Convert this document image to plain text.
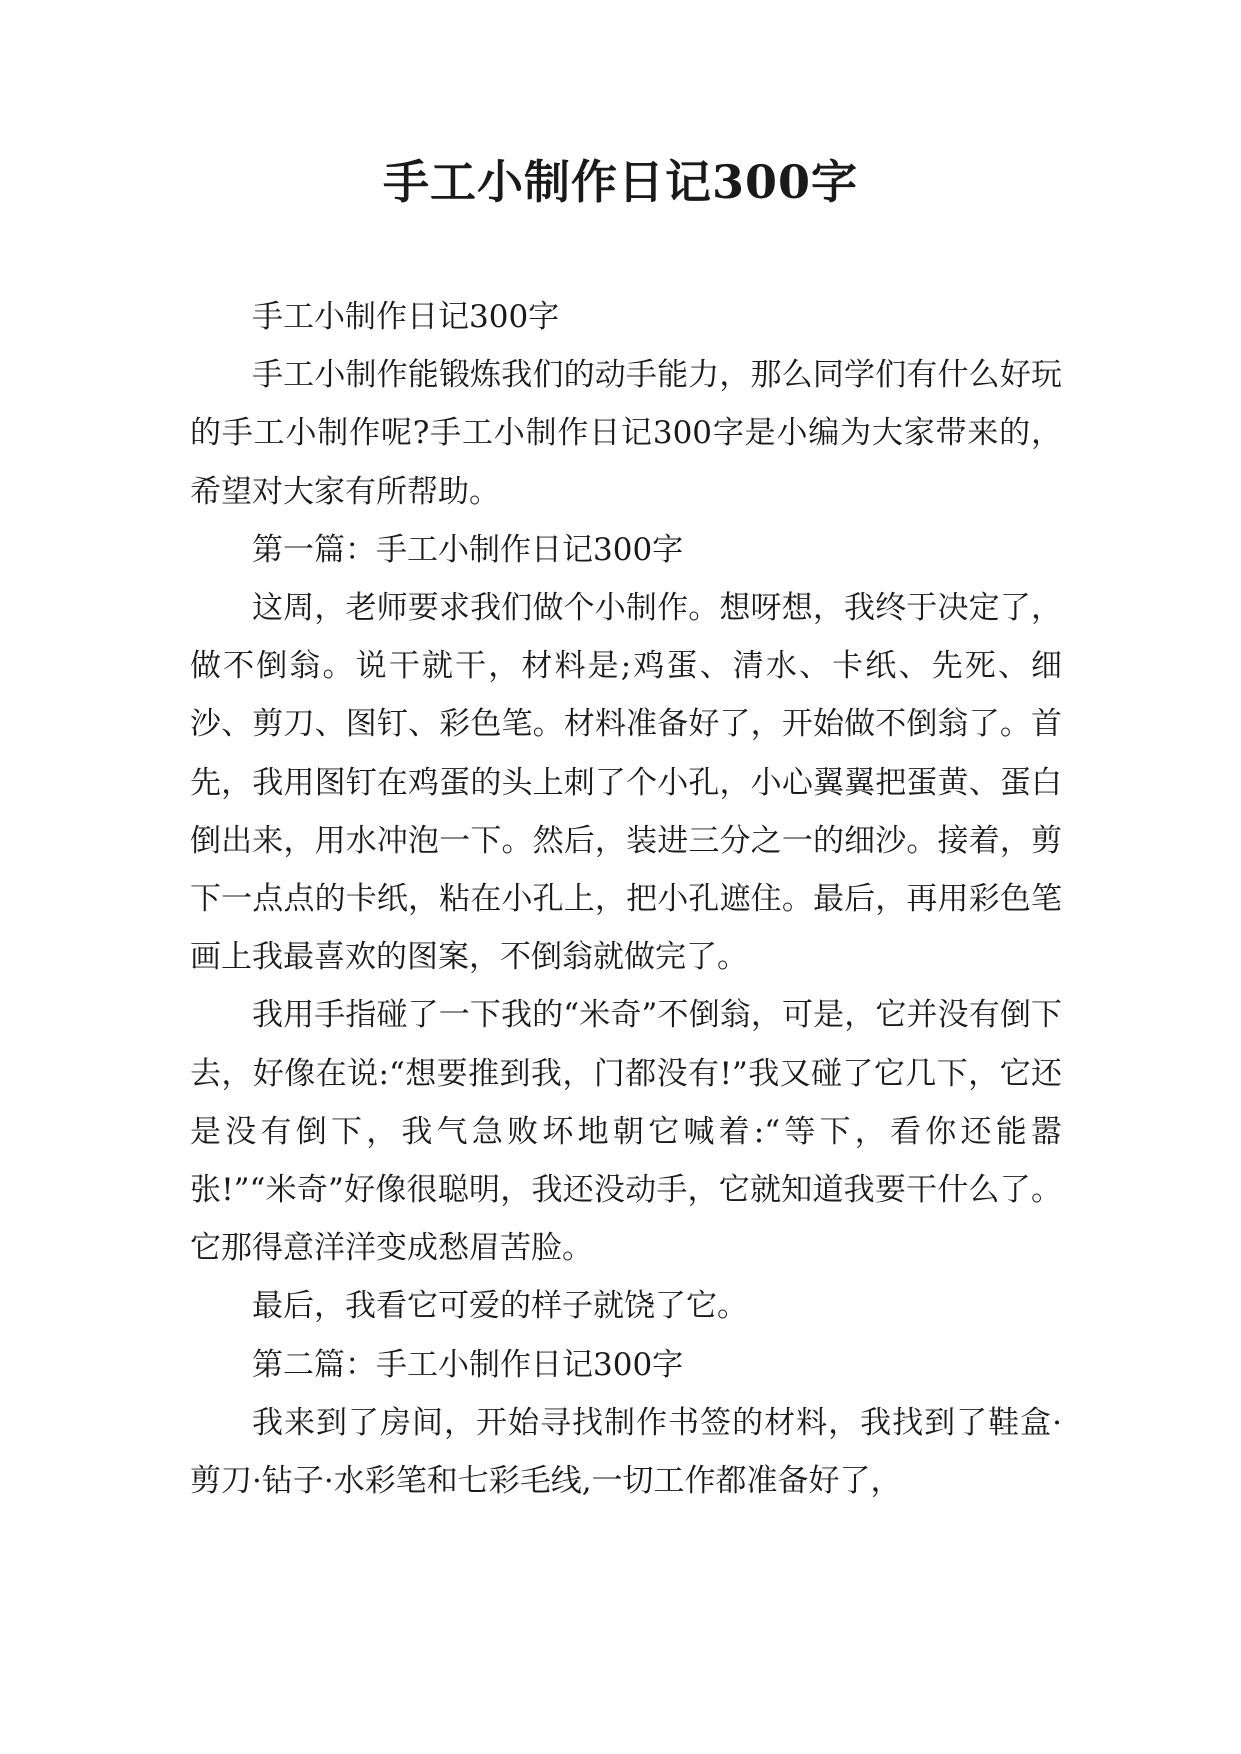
手工小制作日记300字

手工小制作日记300字

手工小制作能锻炼我们的动手能力，那么同学们有什么好玩的手工小制作呢?手工小制作日记300字是小编为大家带来的，希望对大家有所帮助。

第一篇：手工小制作日记300字

这周，老师要求我们做个小制作。想呀想，我终于决定了，做不倒翁。说干就干，材料是;鸡蛋、清水、卡纸、先死、细沙、剪刀、图钉、彩色笔。材料准备好了，开始做不倒翁了。首先，我用图钉在鸡蛋的头上刺了个小孔，小心翼翼把蛋黄、蛋白倒出来，用水冲泡一下。然后，装进三分之一的细沙。接着，剪下一点点的卡纸，粘在小孔上，把小孔遮住。最后，再用彩色笔画上我最喜欢的图案，不倒翁就做完了。

我用手指碰了一下我的“米奇”不倒翁，可是，它并没有倒下去，好像在说:“想要推到我，门都没有!”我又碰了它几下，它还是没有倒下，我气急败坏地朝它喊着:“等下，看你还能嚣张!”“米奇”好像很聪明，我还没动手，它就知道我要干什么了。它那得意洋洋变成愁眉苦脸。

最后，我看它可爱的样子就饶了它。

第二篇：手工小制作日记300字

我来到了房间，开始寻找制作书签的材料，我找到了鞋盒·剪刀·钻子·水彩笔和七彩毛线,一切工作都准备好了，
